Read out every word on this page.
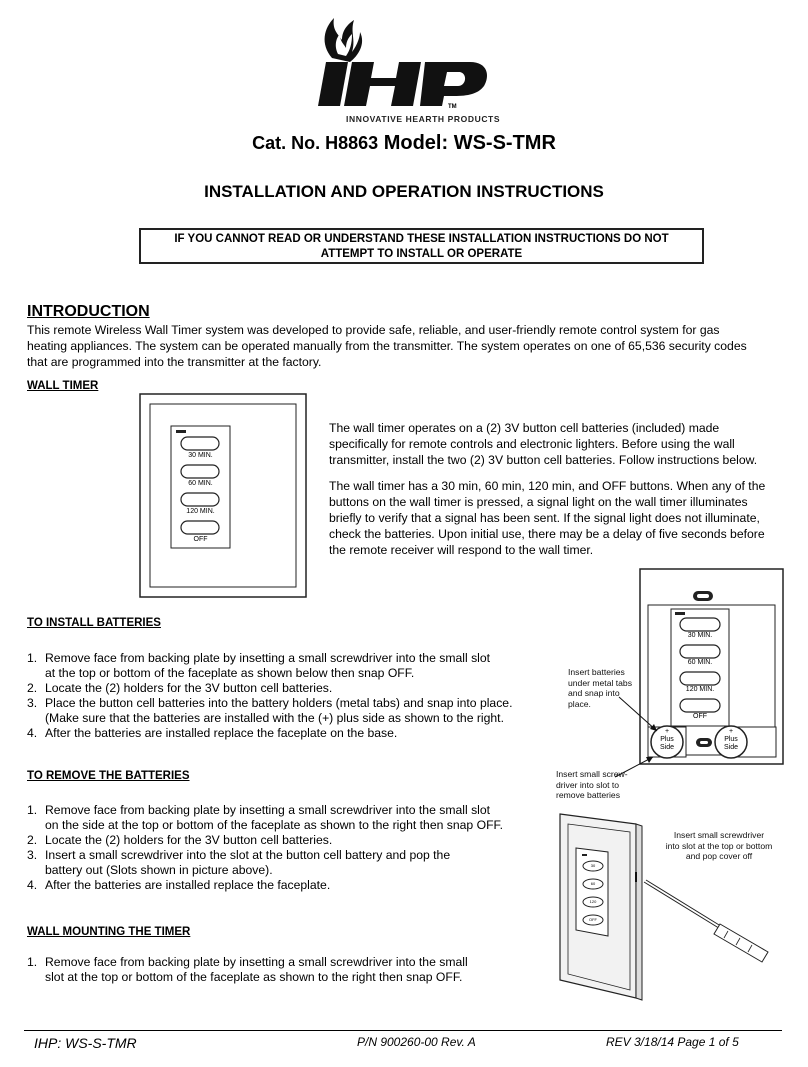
TM
INNOVATIVE HEARTH PRODUCTS
Cat. No. H8863 Model: WS-S-TMR
INSTALLATION AND OPERATION INSTRUCTIONS
IF YOU CANNOT READ OR UNDERSTAND THESE INSTALLATION INSTRUCTIONS DO NOT
ATTEMPT TO INSTALL OR OPERATE
INTRODUCTION
This remote Wireless Wall Timer system was developed to provide safe, reliable, and user-friendly remote control system for gas
heating appliances. The system can be operated manually from the transmitter. The system operates on one of 65,536 security codes
that are programmed into the transmitter at the factory.
WALL TIMER
30 MIN.
60 MIN.
120 MIN.
OFF
The wall timer operates on a (2) 3V button cell batteries (included) made
specifically for remote controls and electronic lighters. Before using the wall
transmitter, install the two (2) 3V button cell batteries. Follow instructions below.
The wall timer has a 30 min, 60 min, 120 min, and OFF buttons. When any of the
buttons on the wall timer is pressed, a signal light on the wall timer illuminates
briefly to verify that a signal has been sent. If the signal light does not illuminate,
check the batteries. Upon initial use, there may be a delay of five seconds before
the remote receiver will respond to the wall timer.
30 MIN.
60 MIN.
120 MIN.
OFF
+
Plus
Side
+
Plus
Side
Insert batteries
under metal tabs
and snap into
place.
Insert small screw-
driver into slot to
remove batteries
30
60
120
OFF
Insert small screwdriver
into slot at the top or bottom
and pop cover off
TO INSTALL BATTERIES
1. Remove face from backing plate by insetting a small screwdriver into the small slot
at the top or bottom of the faceplate as shown below then snap OFF.
2. Locate the (2) holders for the 3V button cell batteries.
3. Place the button cell batteries into the battery holders (metal tabs) and snap into place.
(Make sure that the batteries are installed with the (+) plus side as shown to the right.
4. After the batteries are installed replace the faceplate on the base.
TO REMOVE THE BATTERIES
1. Remove face from backing plate by insetting a small screwdriver into the small slot
on the side at the top or bottom of the faceplate as shown to the right then snap OFF.
2. Locate the (2) holders for the 3V button cell batteries.
3. Insert a small screwdriver into the slot at the button cell battery and pop the
battery out (Slots shown in picture above).
4. After the batteries are installed replace the faceplate.
WALL MOUNTING THE TIMER
1. Remove face from backing plate by insetting a small screwdriver into the small
slot at the top or bottom of the faceplate as shown to the right then snap OFF.
IHP: WS-S-TMR	P/N 900260-00 Rev. A	REV 3/18/14 Page 1 of 5
